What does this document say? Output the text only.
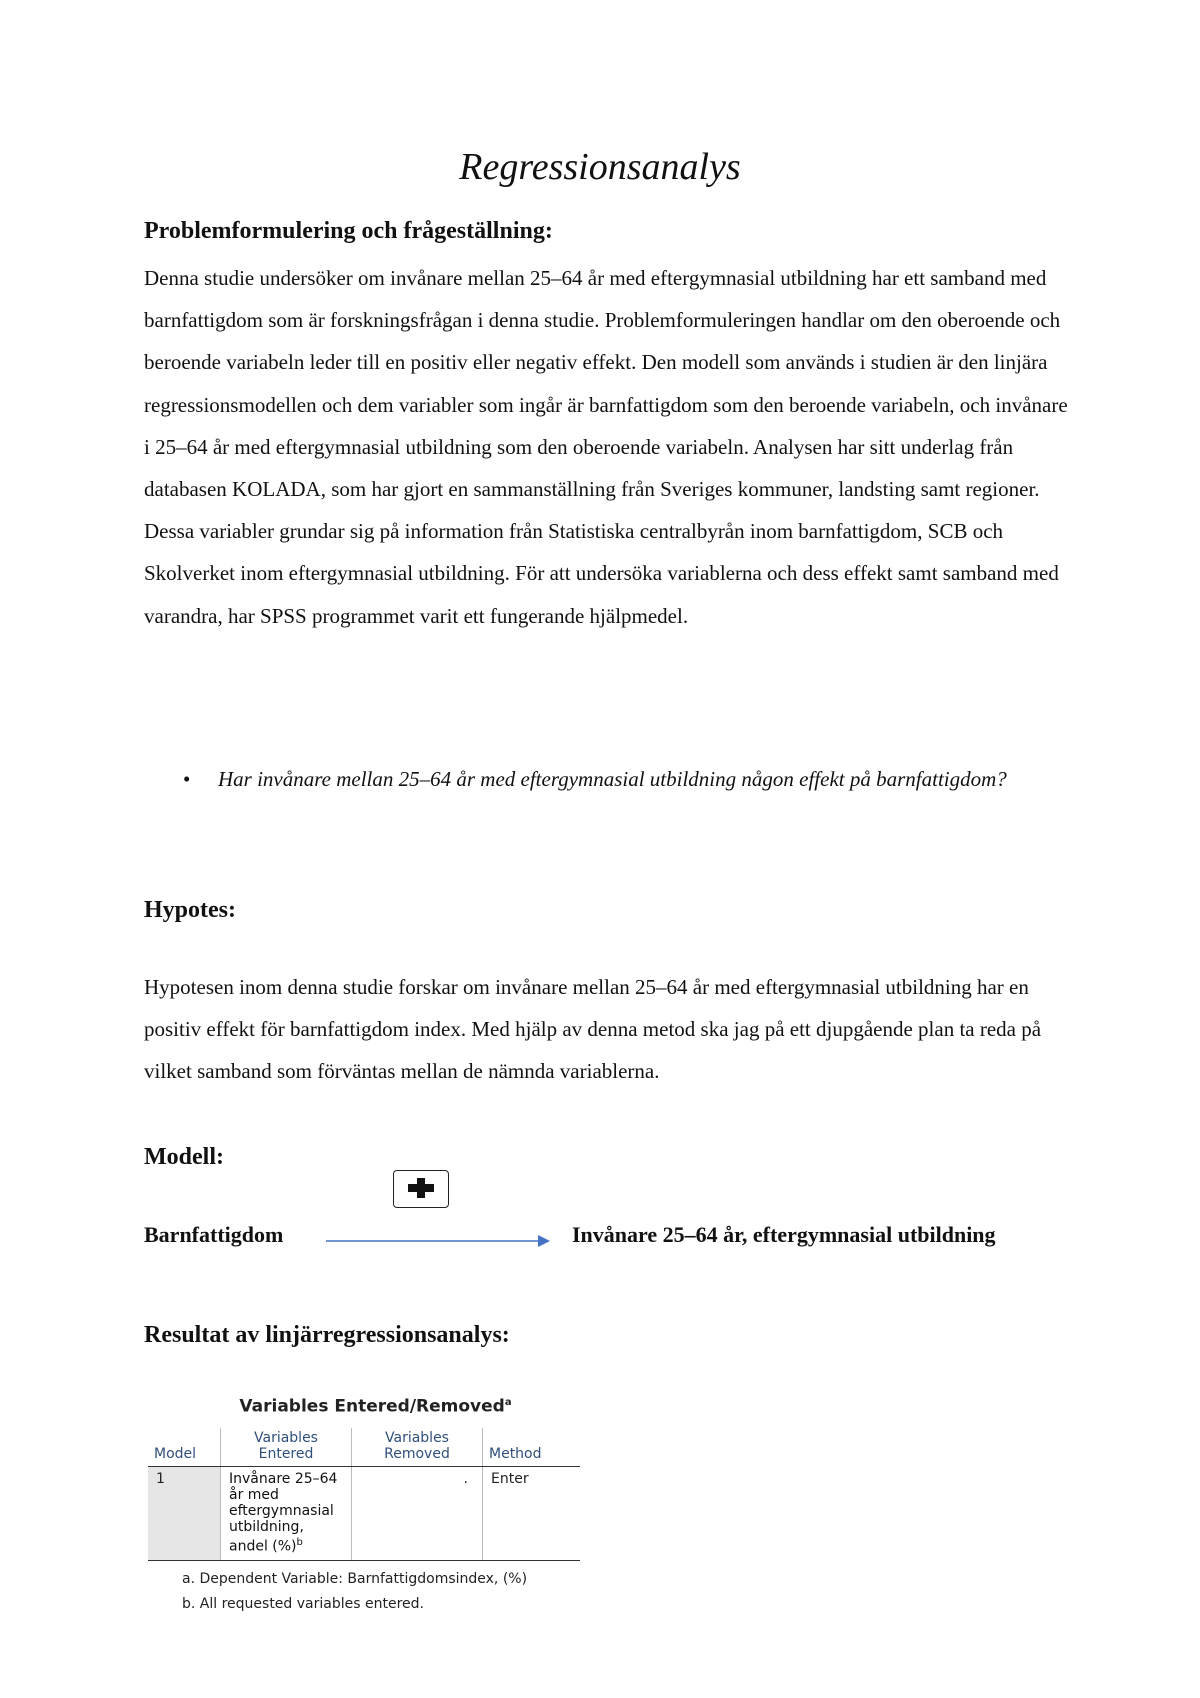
Regressionsanalys
Problemformulering och frågeställning:

Denna studie undersöker om invånare mellan 25–64 år med eftergymnasial utbildning har ett samband med barnfattigdom som är forskningsfrågan i denna studie. Problemformuleringen handlar om den oberoende och beroende variabeln leder till en positiv eller negativ effekt. Den modell som används i studien är den linjära regressionsmodellen och dem variabler som ingår är barnfattigdom som den beroende variabeln, och invånare i 25–64 år med eftergymnasial utbildning som den oberoende variabeln. Analysen har sitt underlag från databasen KOLADA, som har gjort en sammanställning från Sveriges kommuner, landsting samt regioner. Dessa variabler grundar sig på information från Statistiska centralbyrån inom barnfattigdom, SCB och Skolverket inom eftergymnasial utbildning. För att undersöka variablerna och dess effekt samt samband med varandra, har SPSS programmet varit ett fungerande hjälpmedel.

• Har invånare mellan 25–64 år med eftergymnasial utbildning någon effekt på barnfattigdom?
Hypotes:

Hypotesen inom denna studie forskar om invånare mellan 25–64 år med eftergymnasial utbildning har en positiv effekt för barnfattigdom index. Med hjälp av denna metod ska jag på ett djupgående plan ta reda på vilket samband som förväntas mellan de nämnda variablerna.

Modell:
Barnfattigdom	Invånare 25–64 år, eftergymnasial utbildning
Resultat av linjärregressionsanalys:
Variables Entered/Removed$^a$
Model	Variables Entered	Variables Removed	Method
1	Invånare 25–64 år med eftergymnasial utbildning, andel (%)$^b$	.	Enter
a. Dependent Variable: Barnfattigdomsindex, (%)
b. All requested variables entered.
